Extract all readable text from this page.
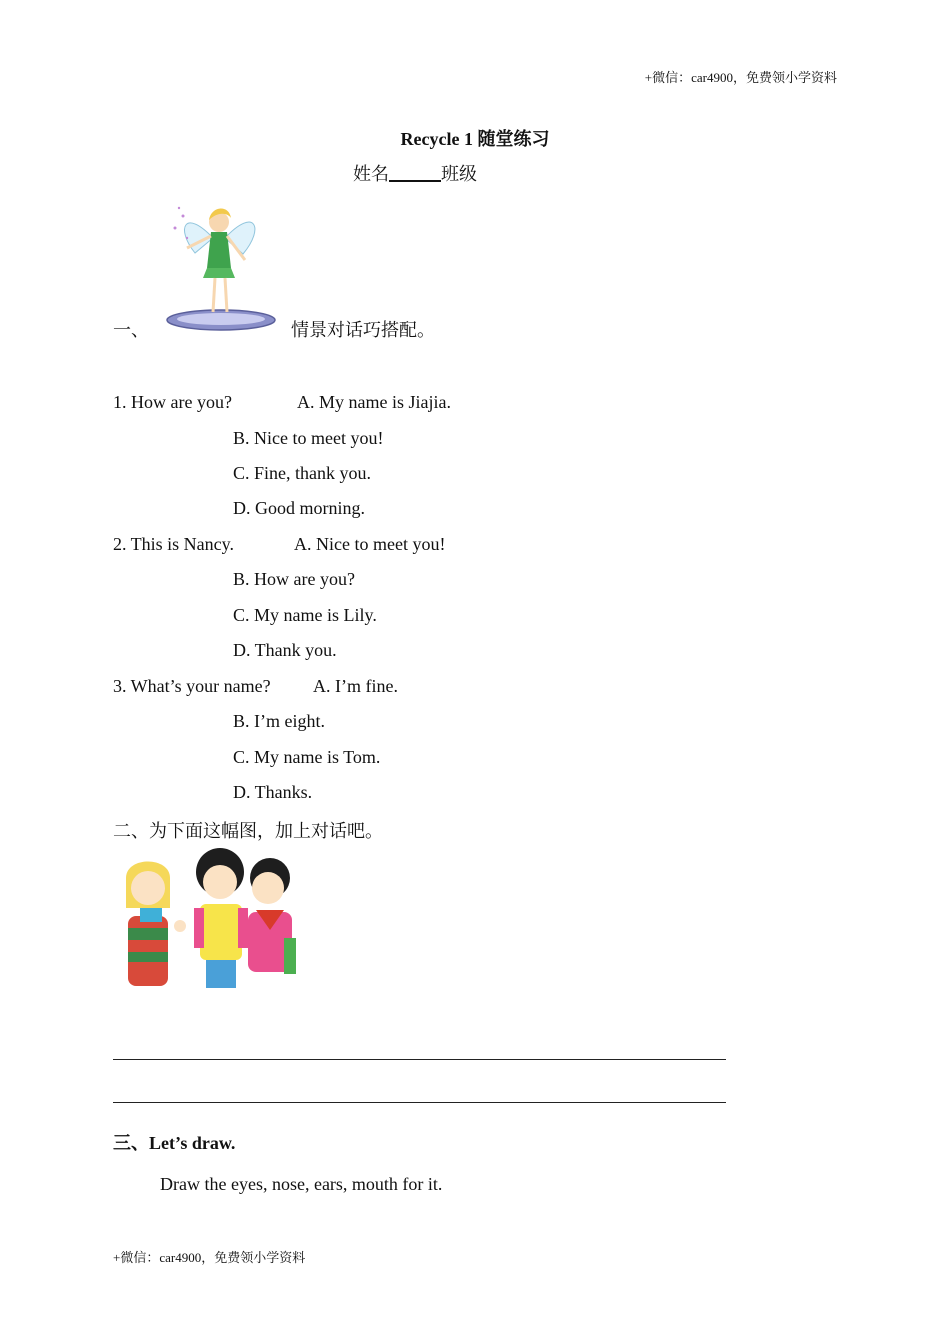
+微信：car4900，免费领小学资料
Recycle 1 随堂练习
姓名	班级
一、	情景对话巧搭配。
1. How are you?	A. My name is Jiajia.
B. Nice to meet you!
C. Fine, thank you.
D. Good morning.
2. This is Nancy.	A. Nice to meet you!
B. How are you?
C. My name is Lily.
D. Thank you.
3. What’s your name? A. I’m fine.
B. I’m eight.
C. My name is Tom.
D. Thanks.
二、为下面这幅图，加上对话吧。
三、Let’s draw.
Draw the eyes, nose, ears, mouth for it.
+微信：car4900，免费领小学资料
